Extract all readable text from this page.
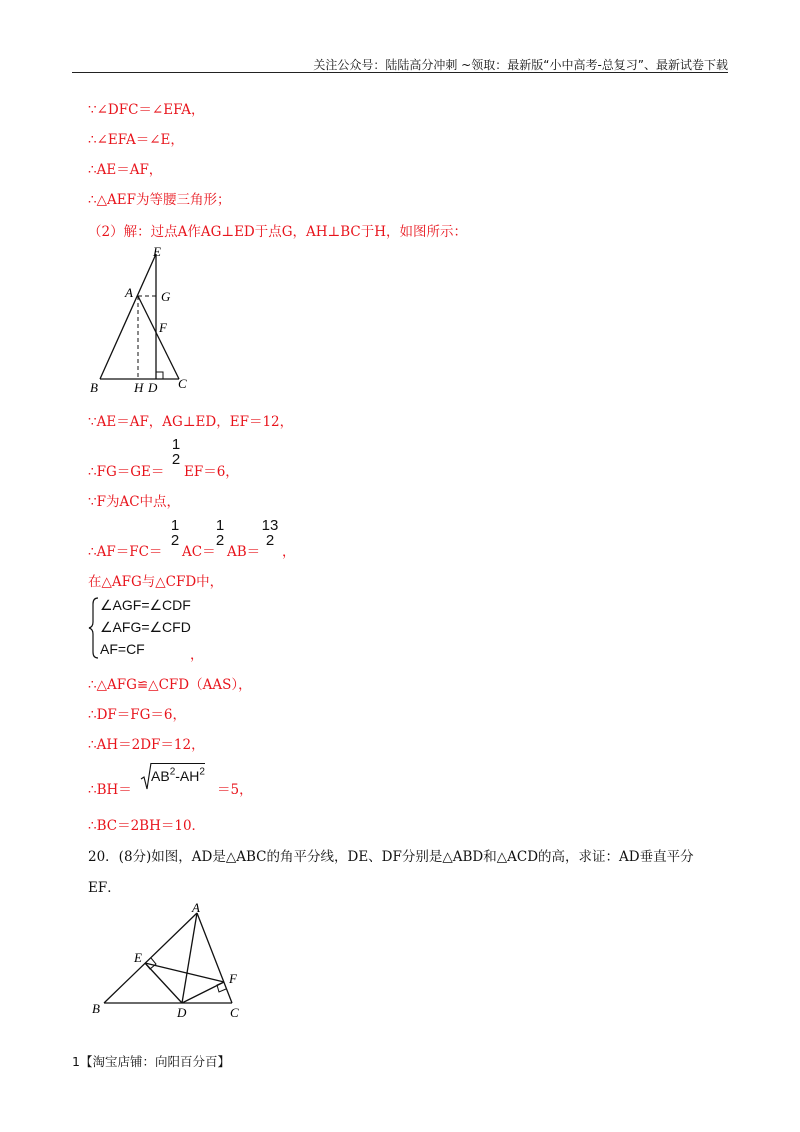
关注公众号：陆陆高分冲刺 ~领取：最新版“小中高考-总复习”、最新试卷下载
∵∠DFC＝∠EFA，
∴∠EFA＝∠E，
∴AE＝AF，
∴△AEF为等腰三角形；
（2）解：过点A作AG⊥ED于点G，AH⊥BC于H，如图所示：
E
A G
F
B	H D C
∵AE＝AF，AG⊥ED，EF＝12，
∴FG＝GE＝
1
2
EF＝6，
∵F为AC中点，
∴AF＝FC＝
1
2
AC＝
1
2
AB＝
13
2
，
在△AFG与△CFD中，
∠AGF=∠CDF
∠AFG=∠CFD
AF=CF	，
∴△AFG≌△CFD（AAS），
∴DF＝FG＝6，
∴AH＝2DF＝12，
∴BH＝
$AB^2-AH^2$
＝5，
∴BC＝2BH＝10．
20．(8分)如图，AD是△ABC的角平分线，DE、DF分别是△ABD和△ACD的高，求证：AD垂直平分
EF．
A
E
F
B	D	C
1【淘宝店铺：向阳百分百】
